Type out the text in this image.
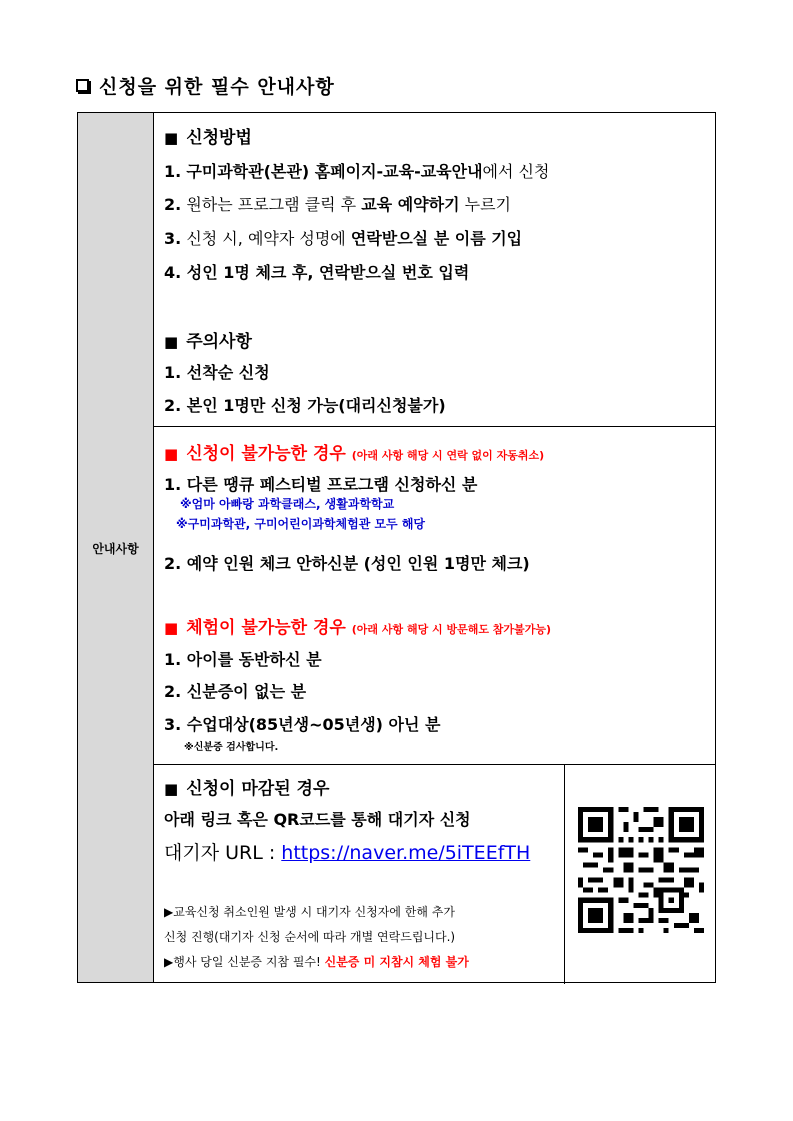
신청을 위한 필수 안내사항
안내사항
■ 신청방법
1. 구미과학관(본관) 홈페이지-교육-교육안내에서 신청
2. 원하는 프로그램 클릭 후 교육 예약하기 누르기
3. 신청 시, 예약자 성명에 연락받으실 분 이름 기입
4. 성인 1명 체크 후, 연락받으실 번호 입력
■ 주의사항
1. 선착순 신청
2. 본인 1명만 신청 가능(대리신청불가)
■ 신청이 불가능한 경우 (아래 사항 해당 시 연락 없이 자동취소)
1. 다른 땡큐 페스티벌 프로그램 신청하신 분
※엄마 아빠랑 과학클래스, 생활과학학교
※구미과학관, 구미어린이과학체험관 모두 해당
2. 예약 인원 체크 안하신분 (성인 인원 1명만 체크)
■ 체험이 불가능한 경우 (아래 사항 해당 시 방문해도 참가불가능)
1. 아이를 동반하신 분
2. 신분증이 없는 분
3. 수업대상(85년생~05년생) 아닌 분
※신분증 검사합니다.
■ 신청이 마감된 경우
아래 링크 혹은 QR코드를 통해 대기자 신청
대기자 URL : https://naver.me/5iTEEfTH
▶교육신청 취소인원 발생 시 대기자 신청자에 한해 추가
신청 진행(대기자 신청 순서에 따라 개별 연락드립니다.)
▶행사 당일 신분증 지참 필수! 신분증 미 지참시 체험 불가
